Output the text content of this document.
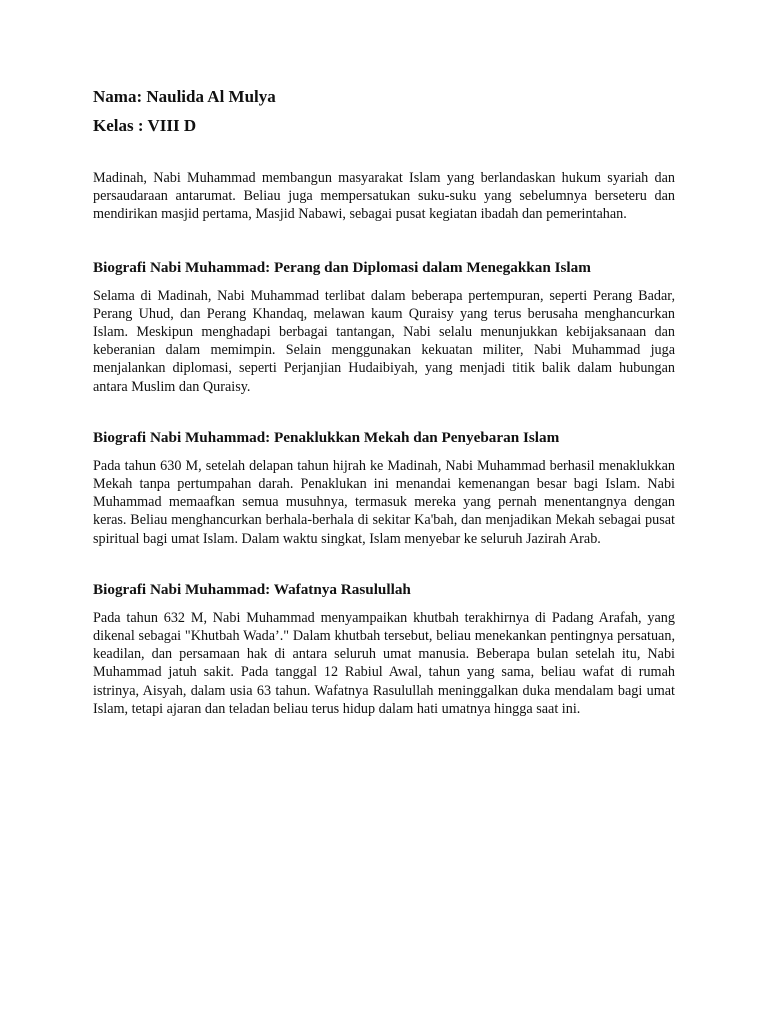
Nama: Naulida Al Mulya

Kelas : VIII D

Madinah, Nabi Muhammad membangun masyarakat Islam yang berlandaskan hukum syariah dan persaudaraan antarumat. Beliau juga mempersatukan suku-suku yang sebelumnya berseteru dan mendirikan masjid pertama, Masjid Nabawi, sebagai pusat kegiatan ibadah dan pemerintahan.

Biografi Nabi Muhammad: Perang dan Diplomasi dalam Menegakkan Islam

Selama di Madinah, Nabi Muhammad terlibat dalam beberapa pertempuran, seperti Perang Badar, Perang Uhud, dan Perang Khandaq, melawan kaum Quraisy yang terus berusaha menghancurkan Islam. Meskipun menghadapi berbagai tantangan, Nabi selalu menunjukkan kebijaksanaan dan keberanian dalam memimpin. Selain menggunakan kekuatan militer, Nabi Muhammad juga menjalankan diplomasi, seperti Perjanjian Hudaibiyah, yang menjadi titik balik dalam hubungan antara Muslim dan Quraisy.

Biografi Nabi Muhammad: Penaklukkan Mekah dan Penyebaran Islam

Pada tahun 630 M, setelah delapan tahun hijrah ke Madinah, Nabi Muhammad berhasil menaklukkan Mekah tanpa pertumpahan darah. Penaklukan ini menandai kemenangan besar bagi Islam. Nabi Muhammad memaafkan semua musuhnya, termasuk mereka yang pernah menentangnya dengan keras. Beliau menghancurkan berhala-berhala di sekitar Ka'bah, dan menjadikan Mekah sebagai pusat spiritual bagi umat Islam. Dalam waktu singkat, Islam menyebar ke seluruh Jazirah Arab.

Biografi Nabi Muhammad: Wafatnya Rasulullah

Pada tahun 632 M, Nabi Muhammad menyampaikan khutbah terakhirnya di Padang Arafah, yang dikenal sebagai "Khutbah Wada’." Dalam khutbah tersebut, beliau menekankan pentingnya persatuan, keadilan, dan persamaan hak di antara seluruh umat manusia. Beberapa bulan setelah itu, Nabi Muhammad jatuh sakit. Pada tanggal 12 Rabiul Awal, tahun yang sama, beliau wafat di rumah istrinya, Aisyah, dalam usia 63 tahun. Wafatnya Rasulullah meninggalkan duka mendalam bagi umat Islam, tetapi ajaran dan teladan beliau terus hidup dalam hati umatnya hingga saat ini.
